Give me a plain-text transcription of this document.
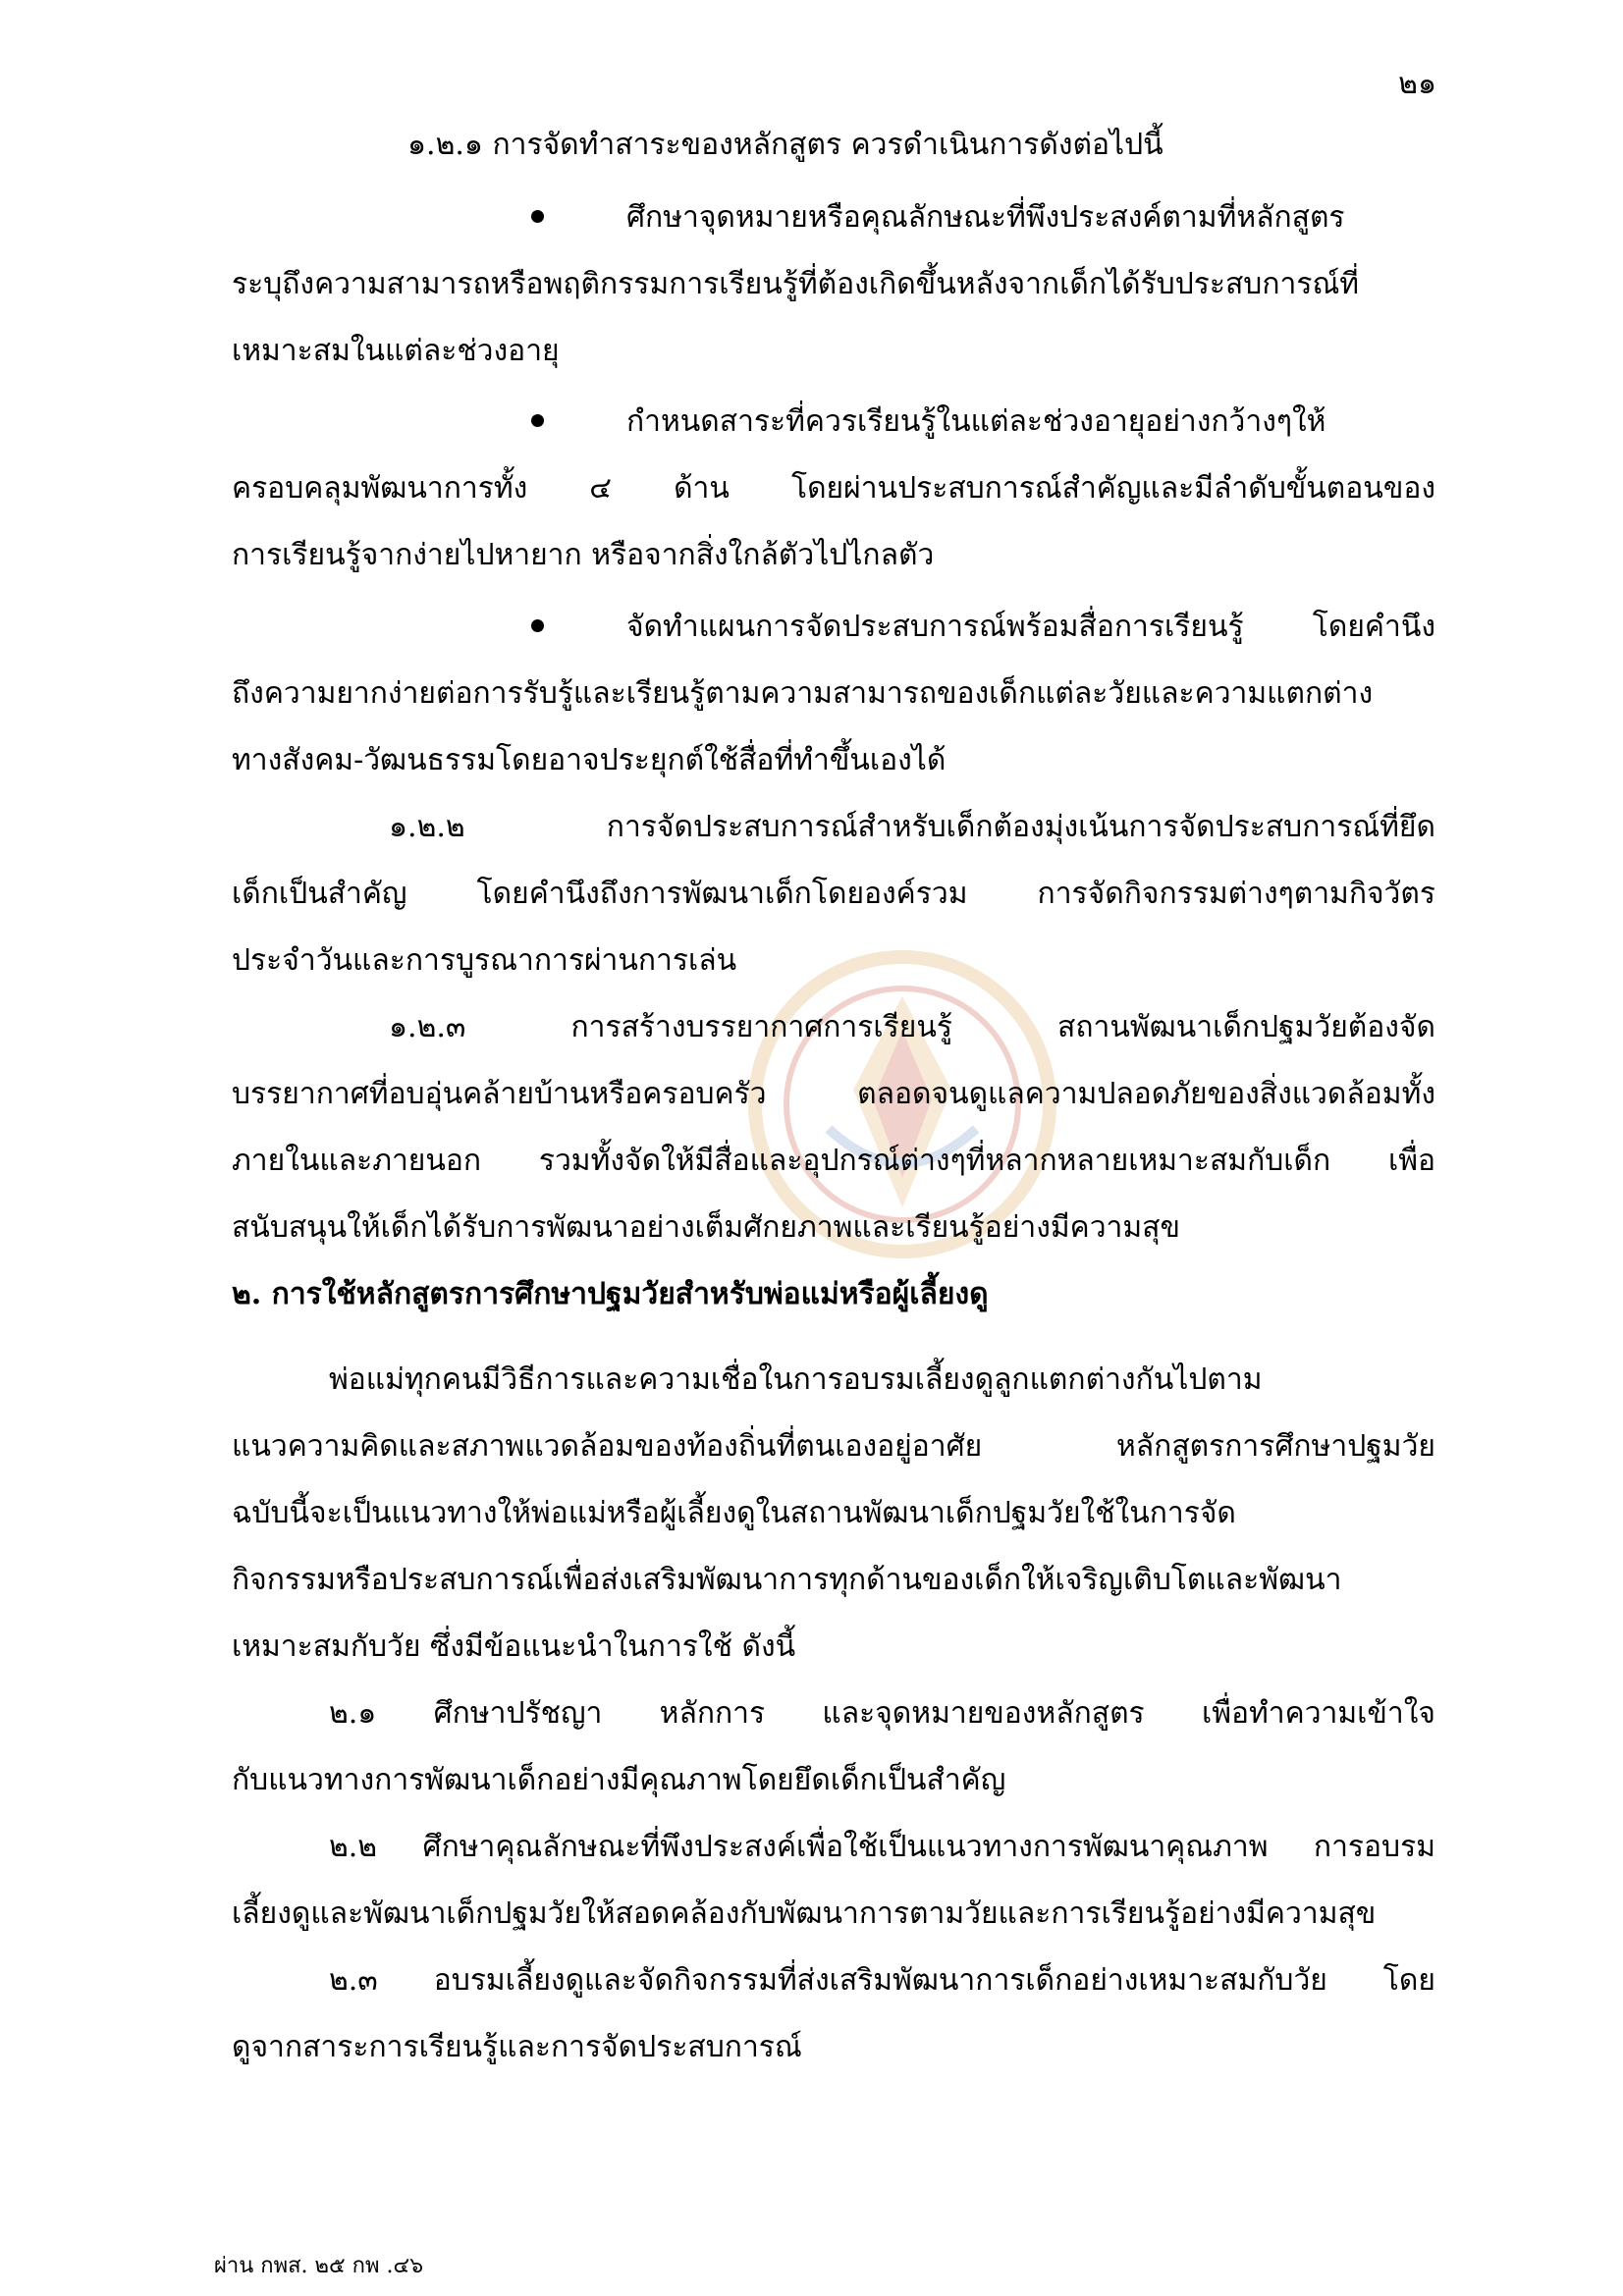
๒๑
๑.๒.๑ การจัดทำสาระของหลักสูตร ควรดำเนินการดังต่อไปนี้
ศึกษาจุดหมายหรือคุณลักษณะที่พึงประสงค์ตามที่หลักสูตร
ระบุถึงความสามารถหรือพฤติกรรมการเรียนรู้ที่ต้องเกิดขึ้นหลังจากเด็กได้รับประสบการณ์ที่
เหมาะสมในแต่ละช่วงอายุ
กำหนดสาระที่ควรเรียนรู้ในแต่ละช่วงอายุอย่างกว้างๆให้
ครอบคลุมพัฒนาการทั้ง ๔ ด้าน โดยผ่านประสบการณ์สำคัญและมีลำดับขั้นตอนของ
การเรียนรู้จากง่ายไปหายาก หรือจากสิ่งใกล้ตัวไปไกลตัว
จัดทำแผนการจัดประสบการณ์พร้อมสื่อการเรียนรู้ โดยคำนึง
ถึงความยากง่ายต่อการรับรู้และเรียนรู้ตามความสามารถของเด็กแต่ละวัยและความแตกต่าง
ทางสังคม-วัฒนธรรมโดยอาจประยุกต์ใช้สื่อที่ทำขึ้นเองได้
๑.๒.๒ การจัดประสบการณ์สำหรับเด็กต้องมุ่งเน้นการจัดประสบการณ์ที่ยึด
เด็กเป็นสำคัญ โดยคำนึงถึงการพัฒนาเด็กโดยองค์รวม การจัดกิจกรรมต่างๆตามกิจวัตร
ประจำวันและการบูรณาการผ่านการเล่น
๑.๒.๓ การสร้างบรรยากาศการเรียนรู้ สถานพัฒนาเด็กปฐมวัยต้องจัด
บรรยากาศที่อบอุ่นคล้ายบ้านหรือครอบครัว ตลอดจนดูแลความปลอดภัยของสิ่งแวดล้อมทั้ง
ภายในและภายนอก รวมทั้งจัดให้มีสื่อและอุปกรณ์ต่างๆที่หลากหลายเหมาะสมกับเด็ก เพื่อ
สนับสนุนให้เด็กได้รับการพัฒนาอย่างเต็มศักยภาพและเรียนรู้อย่างมีความสุข
๒. การใช้หลักสูตรการศึกษาปฐมวัยสำหรับพ่อแม่หรือผู้เลี้ยงดู
พ่อแม่ทุกคนมีวิธีการและความเชื่อในการอบรมเลี้ยงดูลูกแตกต่างกันไปตาม
แนวความคิดและสภาพแวดล้อมของท้องถิ่นที่ตนเองอยู่อาศัย หลักสูตรการศึกษาปฐมวัย
ฉบับนี้จะเป็นแนวทางให้พ่อแม่หรือผู้เลี้ยงดูในสถานพัฒนาเด็กปฐมวัยใช้ในการจัด
กิจกรรมหรือประสบการณ์เพื่อส่งเสริมพัฒนาการทุกด้านของเด็กให้เจริญเติบโตและพัฒนา
เหมาะสมกับวัย ซึ่งมีข้อแนะนำในการใช้ ดังนี้
๒.๑ ศึกษาปรัชญา หลักการ และจุดหมายของหลักสูตร เพื่อทำความเข้าใจ
กับแนวทางการพัฒนาเด็กอย่างมีคุณภาพโดยยึดเด็กเป็นสำคัญ
๒.๒ ศึกษาคุณลักษณะที่พึงประสงค์เพื่อใช้เป็นแนวทางการพัฒนาคุณภาพ การอบรม
เลี้ยงดูและพัฒนาเด็กปฐมวัยให้สอดคล้องกับพัฒนาการตามวัยและการเรียนรู้อย่างมีความสุข
๒.๓ อบรมเลี้ยงดูและจัดกิจกรรมที่ส่งเสริมพัฒนาการเด็กอย่างเหมาะสมกับวัย โดย
ดูจากสาระการเรียนรู้และการจัดประสบการณ์
ผ่าน กพส. ๒๕ กพ .๔๖
